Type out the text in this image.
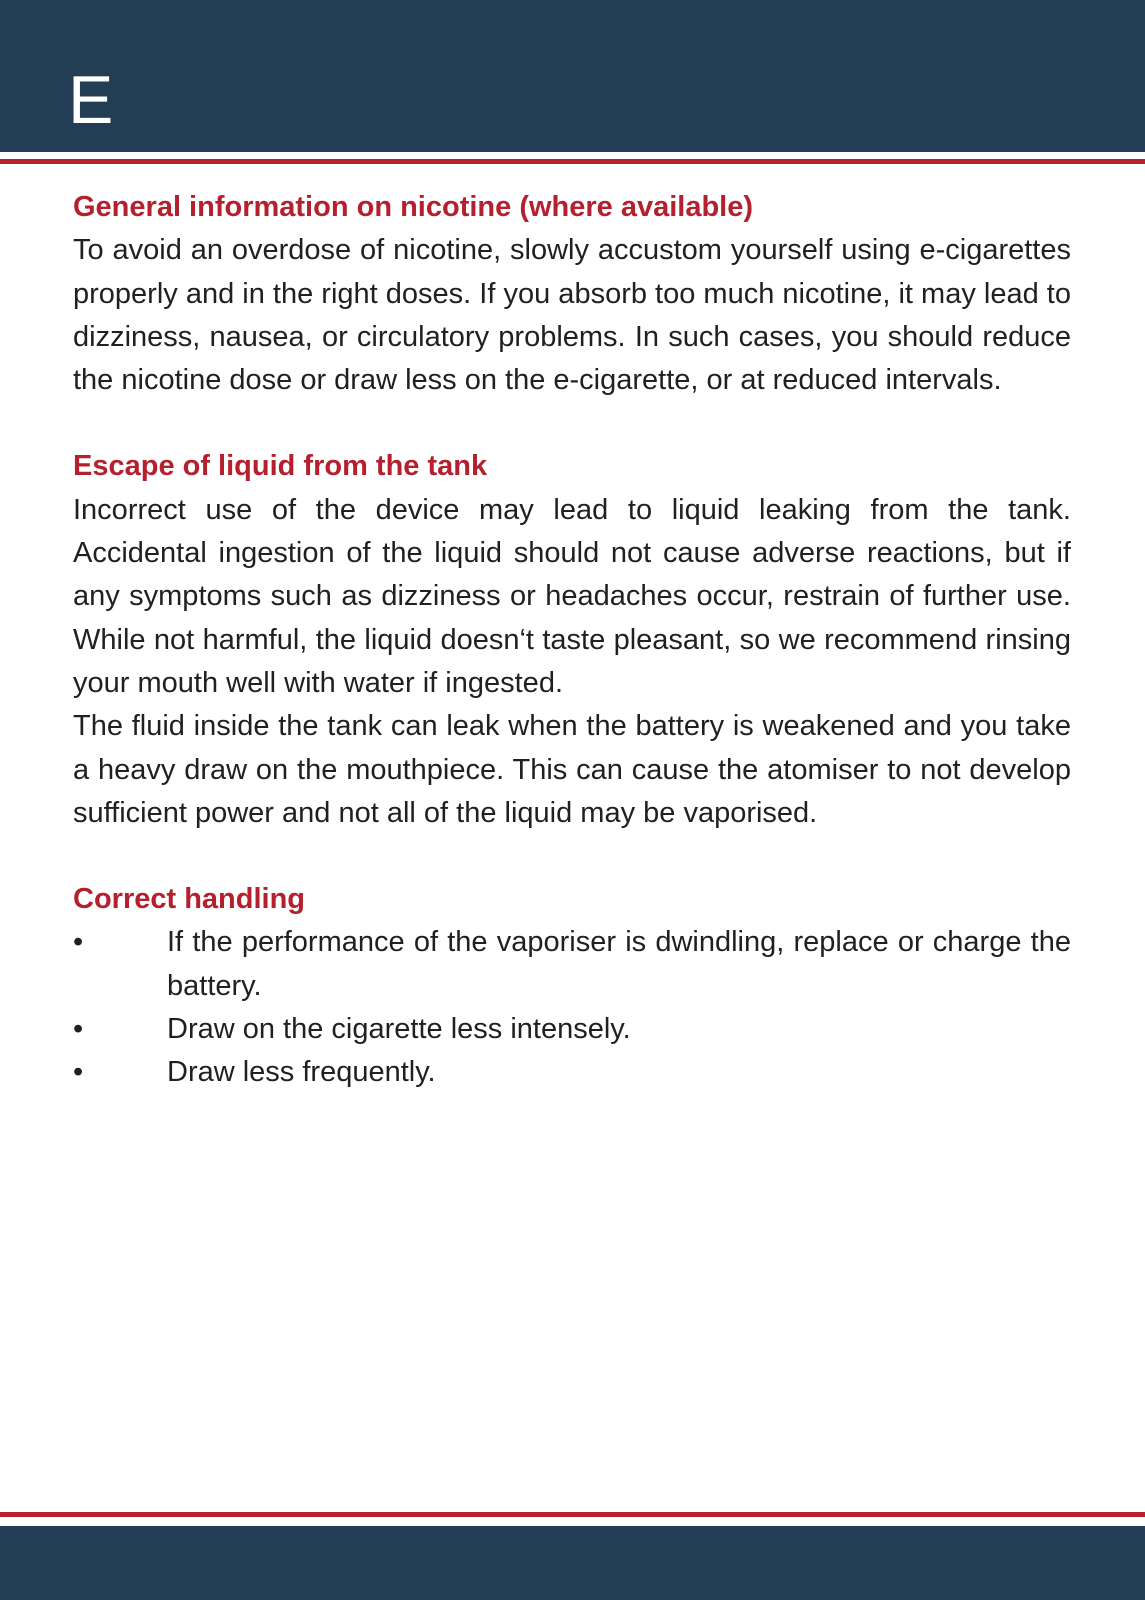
E
General information on nicotine (where available)

To avoid an overdose of nicotine, slowly accustom yourself using e-cigarettes properly and in the right doses. If you absorb too much nicotine, it may lead to dizziness, nausea, or circulatory problems. In such cases, you should reduce the nicotine dose or draw less on the e-cigarette, or at reduced intervals.

Escape of liquid from the tank

Incorrect use of the device may lead to liquid leaking from the tank. Accidental ingestion of the liquid should not cause adverse reactions, but if any symptoms such as dizziness or headaches occur, restrain of further use. While not harmful, the liquid doesn‘t taste pleasant, so we recommend rinsing your mouth well with water if ingested.

The fluid inside the tank can leak when the battery is weakened and you take a heavy draw on the mouthpiece. This can cause the atomiser to not develop sufficient power and not all of the liquid may be vaporised.

Correct handling
•	If the performance of the vaporiser is dwindling, replace or charge the battery.
•	Draw on the cigarette less intensely.
•	Draw less frequently.
